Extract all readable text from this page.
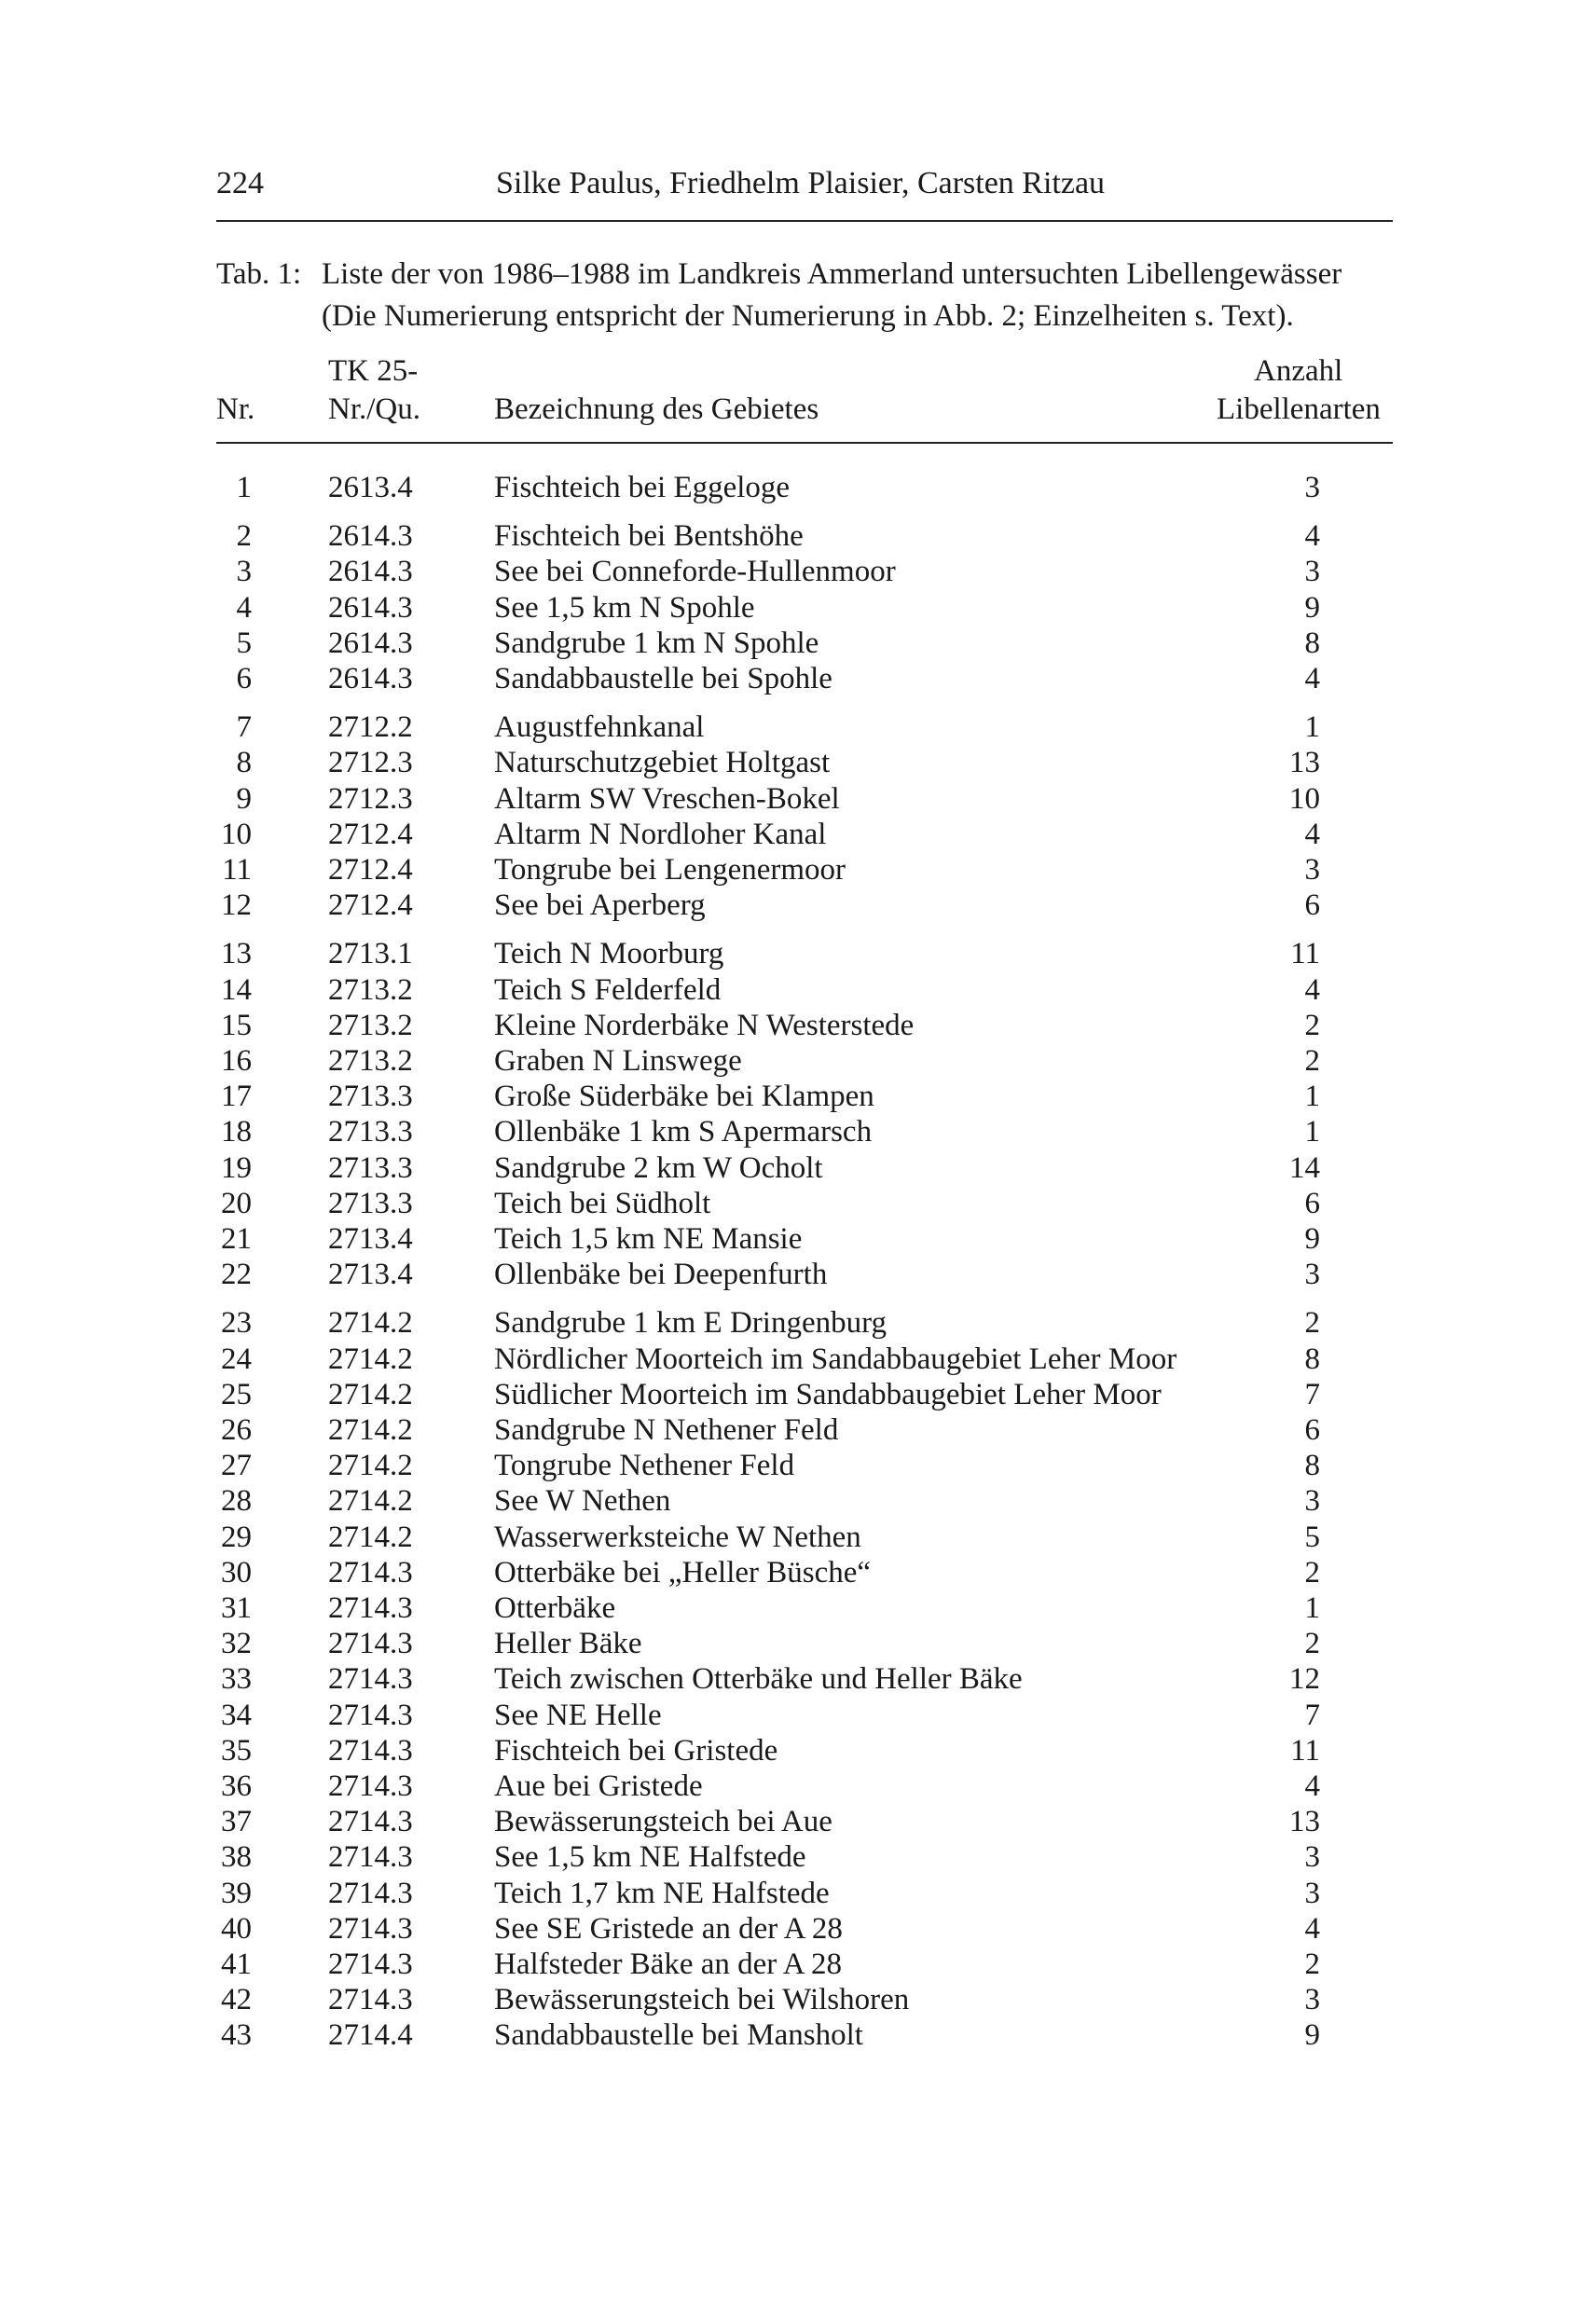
224	Silke Paulus, Friedhelm Plaisier, Carsten Ritzau
Tab. 1: Liste der von 1986–1988 im Landkreis Ammerland untersuchten Libellengewässer
(Die Numerierung entspricht der Numerierung in Abb. 2; Einzelheiten s. Text).
TK 25-	Anzahl
Nr. Nr./Qu. Bezeichnung des Gebietes	Libellenarten
1 2613.4	Fischteich bei Eggeloge	3
2 2614.3	Fischteich bei Bentshöhe	4
3 2614.3	See bei Conneforde-Hullenmoor	3
4 2614.3	See 1,5 km N Spohle	9
5 2614.3	Sandgrube 1 km N Spohle	8
6 2614.3	Sandabbaustelle bei Spohle	4
7 2712.2	Augustfehnkanal	1
8 2712.3	Naturschutzgebiet Holtgast	13
9 2712.3	Altarm SW Vreschen-Bokel	10
10 2712.4	Altarm N Nordloher Kanal	4
11 2712.4	Tongrube bei Lengenermoor	3
12 2712.4	See bei Aperberg	6
13 2713.1	Teich N Moorburg	11
14 2713.2	Teich S Felderfeld	4
15 2713.2	Kleine Norderbäke N Westerstede	2
16 2713.2	Graben N Linswege	2
17 2713.3	Große Süderbäke bei Klampen	1
18 2713.3	Ollenbäke 1 km S Apermarsch	1
19 2713.3	Sandgrube 2 km W Ocholt	14
20 2713.3	Teich bei Südholt	6
21 2713.4	Teich 1,5 km NE Mansie	9
22 2713.4	Ollenbäke bei Deepenfurth	3
23 2714.2	Sandgrube 1 km E Dringenburg	2
24 2714.2	Nördlicher Moorteich im Sandabbaugebiet Leher Moor	8
25 2714.2	Südlicher Moorteich im Sandabbaugebiet Leher Moor	7
26 2714.2	Sandgrube N Nethener Feld	6
27 2714.2	Tongrube Nethener Feld	8
28 2714.2	See W Nethen	3
29 2714.2	Wasserwerksteiche W Nethen	5
30 2714.3	Otterbäke bei „Heller Büsche“	2
31 2714.3	Otterbäke	1
32 2714.3	Heller Bäke	2
33 2714.3	Teich zwischen Otterbäke und Heller Bäke	12
34 2714.3	See NE Helle	7
35 2714.3	Fischteich bei Gristede	11
36 2714.3	Aue bei Gristede	4
37 2714.3	Bewässerungsteich bei Aue	13
38 2714.3	See 1,5 km NE Halfstede	3
39 2714.3	Teich 1,7 km NE Halfstede	3
40 2714.3	See SE Gristede an der A 28	4
41 2714.3	Halfsteder Bäke an der A 28	2
42 2714.3	Bewässerungsteich bei Wilshoren	3
43 2714.4	Sandabbaustelle bei Mansholt	9
